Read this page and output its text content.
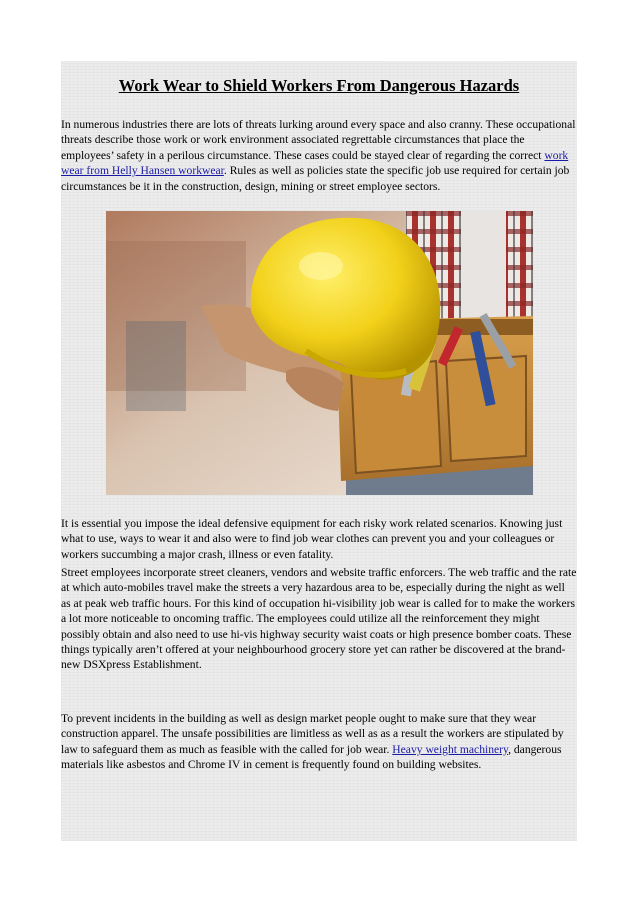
Work Wear to Shield Workers From Dangerous Hazards

In numerous industries there are lots of threats lurking around every space and also cranny. These occupational threats describe those work or work environment associated regrettable circumstances that place the employees’ safety in a perilous circumstance. These cases could be stayed clear of regarding the correct work wear from Helly Hansen workwear. Rules as well as policies state the specific job use required for certain job circumstances be it in the construction, design, mining or street employee sectors.

It is essential you impose the ideal defensive equipment for each risky work related scenarios. Knowing just what to use, ways to wear it and also were to find job wear clothes can prevent you and your colleagues or workers succumbing a major crash, illness or even fatality.

Street employees incorporate street cleaners, vendors and website traffic enforcers. The web traffic and the rate at which auto-mobiles travel make the streets a very hazardous area to be, especially during the night as well as at peak web traffic hours. For this kind of occupation hi-visibility job wear is called for to make the workers a lot more noticeable to oncoming traffic. The employees could utilize all the reinforcement they might possibly obtain and also need to use hi-vis highway security waist coats or high presence bomber coats. These things typically aren’t offered at your neighbourhood grocery store yet can rather be discovered at the brand-new DSXpress Establishment.

To prevent incidents in the building as well as design market people ought to make sure that they wear construction apparel. The unsafe possibilities are limitless as well as as a result the workers are stipulated by law to safeguard them as much as feasible with the called for job wear. Heavy weight machinery, dangerous materials like asbestos and Chrome IV in cement is frequently found on building websites.
